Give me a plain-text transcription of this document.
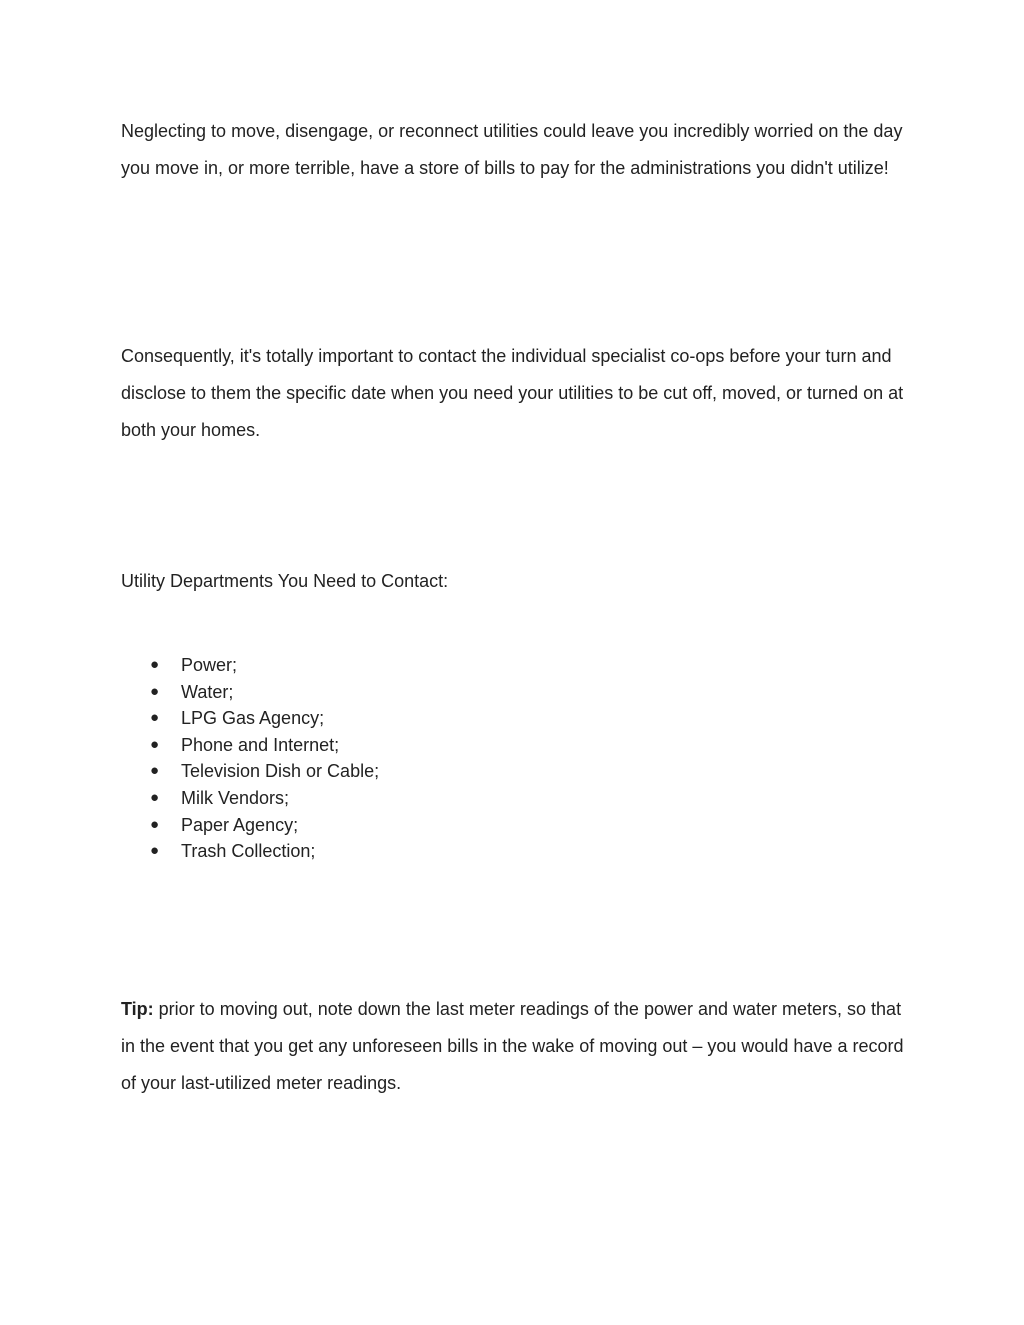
Neglecting to move, disengage, or reconnect utilities could leave you incredibly worried on the day you move in, or more terrible, have a store of bills to pay for the administrations you didn't utilize!

Consequently, it's totally important to contact the individual specialist co-ops before your turn and disclose to them the specific date when you need your utilities to be cut off, moved, or turned on at both your homes.

Utility Departments You Need to Contact:

● Power;
● Water;
● LPG Gas Agency;
● Phone and Internet;
● Television Dish or Cable;
● Milk Vendors;
● Paper Agency;
● Trash Collection;

Tip: prior to moving out, note down the last meter readings of the power and water meters, so that in the event that you get any unforeseen bills in the wake of moving out – you would have a record of your last-utilized meter readings.
